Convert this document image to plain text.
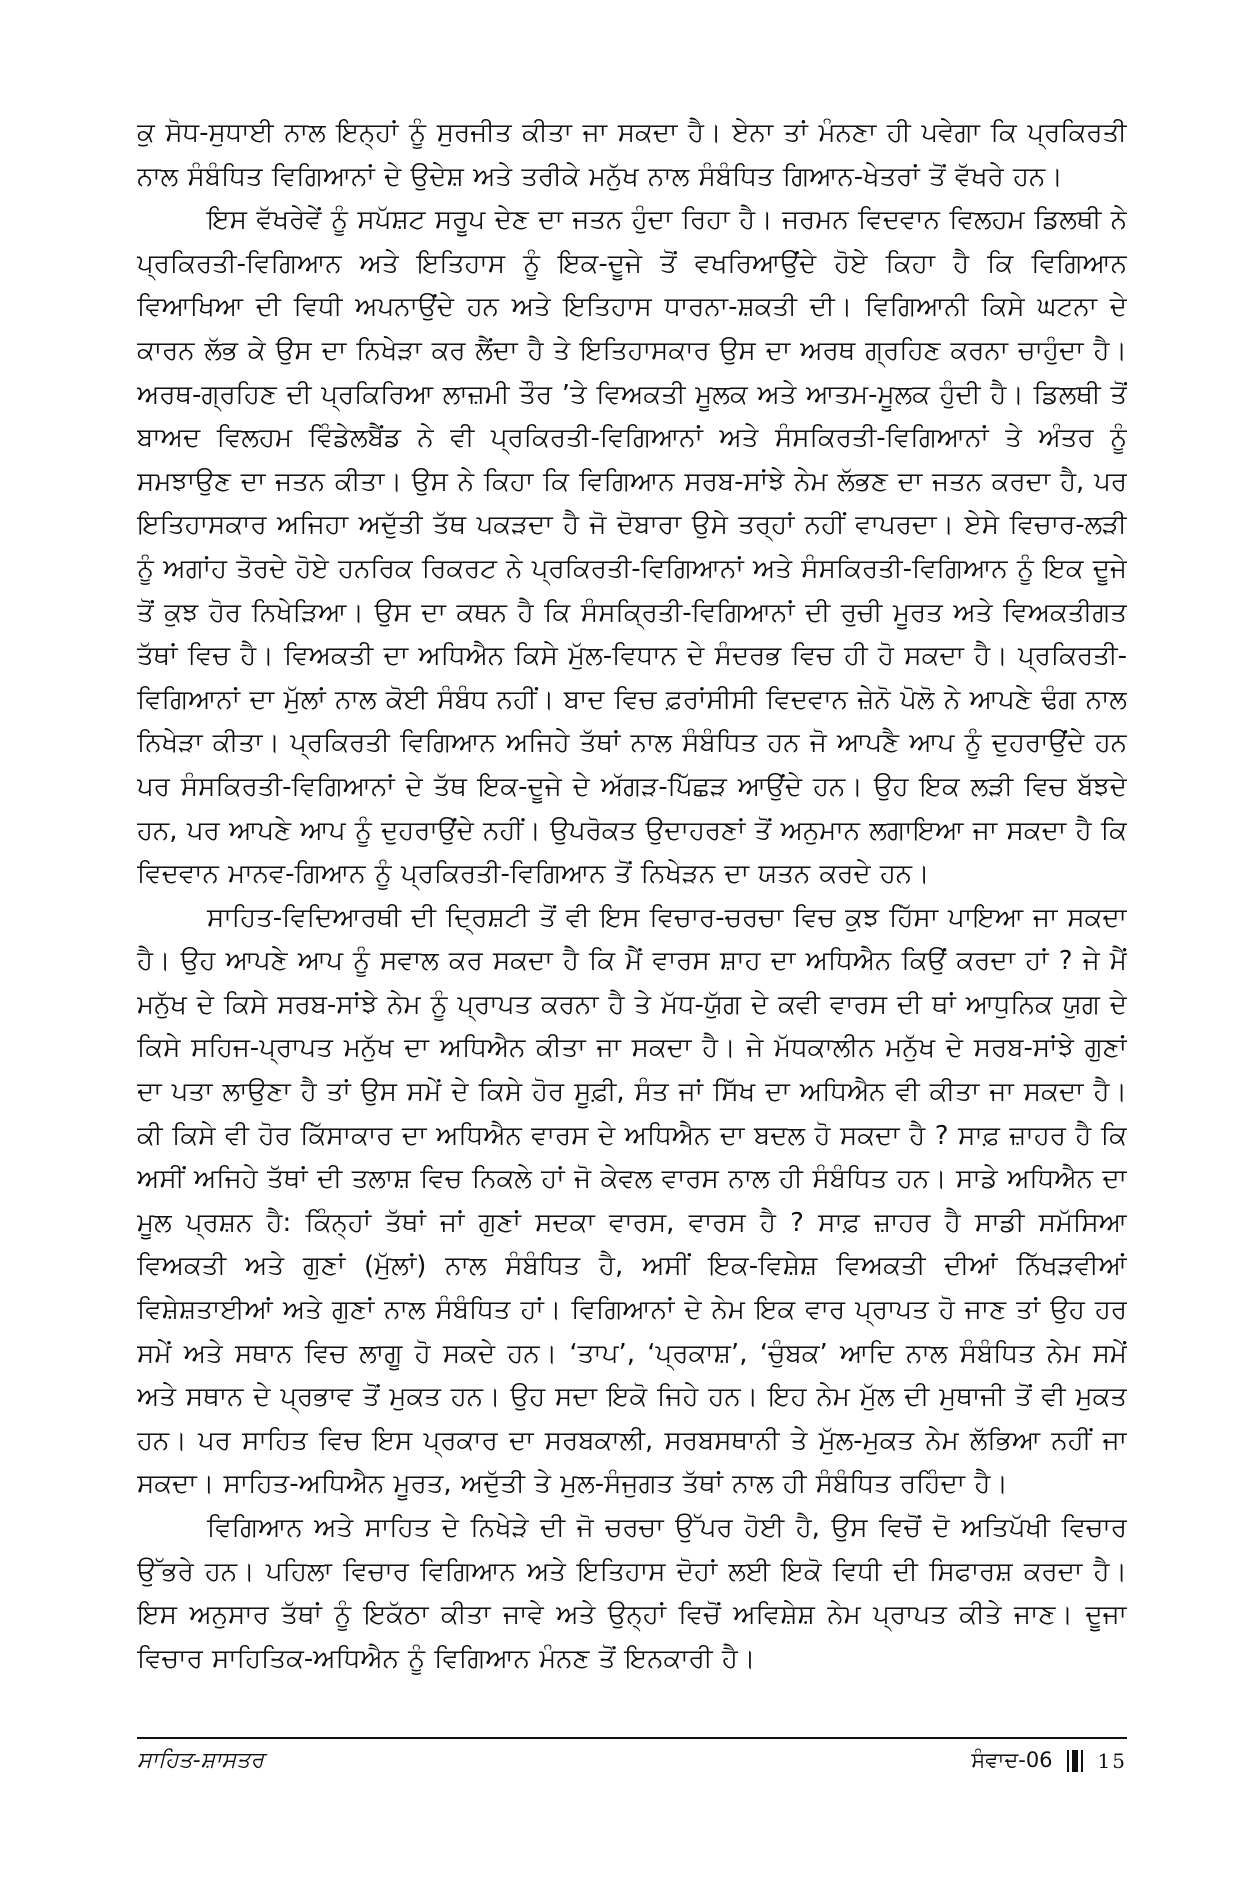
ਕੁ ਸੋਧ-ਸੁਧਾਈ ਨਾਲ ਇਨ੍ਹਾਂ ਨੂੰ ਸੁਰਜੀਤ ਕੀਤਾ ਜਾ ਸਕਦਾ ਹੈ। ਏਨਾ ਤਾਂ ਮੰਨਣਾ ਹੀ ਪਵੇਗਾ ਕਿ ਪ੍ਰਕਿਰਤੀ ਨਾਲ ਸੰਬੰਧਿਤ ਵਿਗਿਆਨਾਂ ਦੇ ਉਦੇਸ਼ ਅਤੇ ਤਰੀਕੇ ਮਨੁੱਖ ਨਾਲ ਸੰਬੰਧਿਤ ਗਿਆਨ-ਖੇਤਰਾਂ ਤੋਂ ਵੱਖਰੇ ਹਨ।

ਇਸ ਵੱਖਰੇਵੇਂ ਨੂੰ ਸਪੱਸ਼ਟ ਸਰੂਪ ਦੇਣ ਦਾ ਜਤਨ ਹੁੰਦਾ ਰਿਹਾ ਹੈ। ਜਰਮਨ ਵਿਦਵਾਨ ਵਿਲਹਮ ਡਿਲਥੀ ਨੇ ਪ੍ਰਕਿਰਤੀ-ਵਿਗਿਆਨ ਅਤੇ ਇਤਿਹਾਸ ਨੂੰ ਇਕ-ਦੂਜੇ ਤੋਂ ਵਖਰਿਆਉਂਦੇ ਹੋਏ ਕਿਹਾ ਹੈ ਕਿ ਵਿਗਿਆਨ ਵਿਆਖਿਆ ਦੀ ਵਿਧੀ ਅਪਨਾਉਂਦੇ ਹਨ ਅਤੇ ਇਤਿਹਾਸ ਧਾਰਨਾ-ਸ਼ਕਤੀ ਦੀ। ਵਿਗਿਆਨੀ ਕਿਸੇ ਘਟਨਾ ਦੇ ਕਾਰਨ ਲੱਭ ਕੇ ਉਸ ਦਾ ਨਿਖੇੜਾ ਕਰ ਲੈਂਦਾ ਹੈ ਤੇ ਇਤਿਹਾਸਕਾਰ ਉਸ ਦਾ ਅਰਥ ਗ੍ਰਹਿਣ ਕਰਨਾ ਚਾਹੁੰਦਾ ਹੈ। ਅਰਥ-ਗ੍ਰਹਿਣ ਦੀ ਪ੍ਰਕਿਰਿਆ ਲਾਜ਼ਮੀ ਤੌਰ ’ਤੇ ਵਿਅਕਤੀ ਮੂਲਕ ਅਤੇ ਆਤਮ-ਮੂਲਕ ਹੁੰਦੀ ਹੈ। ਡਿਲਥੀ ਤੋਂ ਬਾਅਦ ਵਿਲਹਮ ਵਿੰਡੇਲਬੈਂਡ ਨੇ ਵੀ ਪ੍ਰਕਿਰਤੀ-ਵਿਗਿਆਨਾਂ ਅਤੇ ਸੰਸਕਿਰਤੀ-ਵਿਗਿਆਨਾਂ ਤੇ ਅੰਤਰ ਨੂੰ ਸਮਝਾਉਣ ਦਾ ਜਤਨ ਕੀਤਾ। ਉਸ ਨੇ ਕਿਹਾ ਕਿ ਵਿਗਿਆਨ ਸਰਬ-ਸਾਂਝੇ ਨੇਮ ਲੱਭਣ ਦਾ ਜਤਨ ਕਰਦਾ ਹੈ, ਪਰ ਇਤਿਹਾਸਕਾਰ ਅਜਿਹਾ ਅਦੁੱਤੀ ਤੱਥ ਪਕੜਦਾ ਹੈ ਜੋ ਦੋਬਾਰਾ ਉਸੇ ਤਰ੍ਹਾਂ ਨਹੀਂ ਵਾਪਰਦਾ। ਏਸੇ ਵਿਚਾਰ-ਲੜੀ ਨੂੰ ਅਗਾਂਹ ਤੋਰਦੇ ਹੋਏ ਹਨਰਿਕ ਰਿਕਰਟ ਨੇ ਪ੍ਰਕਿਰਤੀ-ਵਿਗਿਆਨਾਂ ਅਤੇ ਸੰਸਕਿਰਤੀ-ਵਿਗਿਆਨ ਨੂੰ ਇਕ ਦੂਜੇ ਤੋਂ ਕੁਝ ਹੋਰ ਨਿਖੇੜਿਆ। ਉਸ ਦਾ ਕਥਨ ਹੈ ਕਿ ਸੰਸਕ੍ਰਿਤੀ-ਵਿਗਿਆਨਾਂ ਦੀ ਰੁਚੀ ਮੂਰਤ ਅਤੇ ਵਿਅਕਤੀਗਤ ਤੱਥਾਂ ਵਿਚ ਹੈ। ਵਿਅਕਤੀ ਦਾ ਅਧਿਐਨ ਕਿਸੇ ਮੁੱਲ-ਵਿਧਾਨ ਦੇ ਸੰਦਰਭ ਵਿਚ ਹੀ ਹੋ ਸਕਦਾ ਹੈ। ਪ੍ਰਕਿਰਤੀ-ਵਿਗਿਆਨਾਂ ਦਾ ਮੁੱਲਾਂ ਨਾਲ ਕੋਈ ਸੰਬੰਧ ਨਹੀਂ। ਬਾਦ ਵਿਚ ਫ਼ਰਾਂਸੀਸੀ ਵਿਦਵਾਨ ਜ਼ੇਨੋ ਪੋਲੋ ਨੇ ਆਪਣੇ ਢੰਗ ਨਾਲ ਨਿਖੇੜਾ ਕੀਤਾ। ਪ੍ਰਕਿਰਤੀ ਵਿਗਿਆਨ ਅਜਿਹੇ ਤੱਥਾਂ ਨਾਲ ਸੰਬੰਧਿਤ ਹਨ ਜੋ ਆਪਣੈ ਆਪ ਨੂੰ ਦੁਹਰਾਉਂਦੇ ਹਨ ਪਰ ਸੰਸਕਿਰਤੀ-ਵਿਗਿਆਨਾਂ ਦੇ ਤੱਥ ਇਕ-ਦੂਜੇ ਦੇ ਅੱਗੜ-ਪਿੱਛੜ ਆਉਂਦੇ ਹਨ। ਉਹ ਇਕ ਲੜੀ ਵਿਚ ਬੱਝਦੇ ਹਨ, ਪਰ ਆਪਣੇ ਆਪ ਨੂੰ ਦੁਹਰਾਉਂਦੇ ਨਹੀਂ। ਉਪਰੋਕਤ ਉਦਾਹਰਣਾਂ ਤੋਂ ਅਨੁਮਾਨ ਲਗਾਇਆ ਜਾ ਸਕਦਾ ਹੈ ਕਿ ਵਿਦਵਾਨ ਮਾਨਵ-ਗਿਆਨ ਨੂੰ ਪ੍ਰਕਿਰਤੀ-ਵਿਗਿਆਨ ਤੋਂ ਨਿਖੇੜਨ ਦਾ ਯਤਨ ਕਰਦੇ ਹਨ।

ਸਾਹਿਤ-ਵਿਦਿਆਰਥੀ ਦੀ ਦ੍ਰਿਸ਼ਟੀ ਤੋਂ ਵੀ ਇਸ ਵਿਚਾਰ-ਚਰਚਾ ਵਿਚ ਕੁਝ ਹਿੱਸਾ ਪਾਇਆ ਜਾ ਸਕਦਾ ਹੈ। ਉਹ ਆਪਣੇ ਆਪ ਨੂੰ ਸਵਾਲ ਕਰ ਸਕਦਾ ਹੈ ਕਿ ਮੈਂ ਵਾਰਸ ਸ਼ਾਹ ਦਾ ਅਧਿਐਨ ਕਿਉਂ ਕਰਦਾ ਹਾਂ ? ਜੇ ਮੈਂ ਮਨੁੱਖ ਦੇ ਕਿਸੇ ਸਰਬ-ਸਾਂਝੇ ਨੇਮ ਨੂੰ ਪ੍ਰਾਪਤ ਕਰਨਾ ਹੈ ਤੇ ਮੱਧ-ਯੁੱਗ ਦੇ ਕਵੀ ਵਾਰਸ ਦੀ ਥਾਂ ਆਧੁਨਿਕ ਯੁਗ ਦੇ ਕਿਸੇ ਸਹਿਜ-ਪ੍ਰਾਪਤ ਮਨੁੱਖ ਦਾ ਅਧਿਐਨ ਕੀਤਾ ਜਾ ਸਕਦਾ ਹੈ। ਜੇ ਮੱਧਕਾਲੀਨ ਮਨੁੱਖ ਦੇ ਸਰਬ-ਸਾਂਝੇ ਗੁਣਾਂ ਦਾ ਪਤਾ ਲਾਉਣਾ ਹੈ ਤਾਂ ਉਸ ਸਮੇਂ ਦੇ ਕਿਸੇ ਹੋਰ ਸੂਫ਼ੀ, ਸੰਤ ਜਾਂ ਸਿੱਖ ਦਾ ਅਧਿਐਨ ਵੀ ਕੀਤਾ ਜਾ ਸਕਦਾ ਹੈ। ਕੀ ਕਿਸੇ ਵੀ ਹੋਰ ਕਿੱਸਾਕਾਰ ਦਾ ਅਧਿਐਨ ਵਾਰਸ ਦੇ ਅਧਿਐਨ ਦਾ ਬਦਲ ਹੋ ਸਕਦਾ ਹੈ ? ਸਾਫ਼ ਜ਼ਾਹਰ ਹੈ ਕਿ ਅਸੀਂ ਅਜਿਹੇ ਤੱਥਾਂ ਦੀ ਤਲਾਸ਼ ਵਿਚ ਨਿਕਲੇ ਹਾਂ ਜੋ ਕੇਵਲ ਵਾਰਸ ਨਾਲ ਹੀ ਸੰਬੰਧਿਤ ਹਨ। ਸਾਡੇ ਅਧਿਐਨ ਦਾ ਮੂਲ ਪ੍ਰਸ਼ਨ ਹੈ: ਕਿੰਨ੍ਹਾਂ ਤੱਥਾਂ ਜਾਂ ਗੁਣਾਂ ਸਦਕਾ ਵਾਰਸ, ਵਾਰਸ ਹੈ ? ਸਾਫ਼ ਜ਼ਾਹਰ ਹੈ ਸਾਡੀ ਸਮੱਸਿਆ ਵਿਅਕਤੀ ਅਤੇ ਗੁਣਾਂ (ਮੁੱਲਾਂ) ਨਾਲ ਸੰਬੰਧਿਤ ਹੈ, ਅਸੀਂ ਇਕ-ਵਿਸ਼ੇਸ਼ ਵਿਅਕਤੀ ਦੀਆਂ ਨਿੱਖੜਵੀਆਂ ਵਿਸ਼ੇਸ਼ਤਾਈਆਂ ਅਤੇ ਗੁਣਾਂ ਨਾਲ ਸੰਬੰਧਿਤ ਹਾਂ। ਵਿਗਿਆਨਾਂ ਦੇ ਨੇਮ ਇਕ ਵਾਰ ਪ੍ਰਾਪਤ ਹੋ ਜਾਣ ਤਾਂ ਉਹ ਹਰ ਸਮੇਂ ਅਤੇ ਸਥਾਨ ਵਿਚ ਲਾਗੂ ਹੋ ਸਕਦੇ ਹਨ। ‘ਤਾਪ’, ‘ਪ੍ਰਕਾਸ਼’, ‘ਚੁੰਬਕ’ ਆਦਿ ਨਾਲ ਸੰਬੰਧਿਤ ਨੇਮ ਸਮੇਂ ਅਤੇ ਸਥਾਨ ਦੇ ਪ੍ਰਭਾਵ ਤੋਂ ਮੁਕਤ ਹਨ। ਉਹ ਸਦਾ ਇਕੋ ਜਿਹੇ ਹਨ। ਇਹ ਨੇਮ ਮੁੱਲ ਦੀ ਮੁਥਾਜੀ ਤੋਂ ਵੀ ਮੁਕਤ ਹਨ। ਪਰ ਸਾਹਿਤ ਵਿਚ ਇਸ ਪ੍ਰਕਾਰ ਦਾ ਸਰਬਕਾਲੀ, ਸਰਬਸਥਾਨੀ ਤੇ ਮੁੱਲ-ਮੁਕਤ ਨੇਮ ਲੱਭਿਆ ਨਹੀਂ ਜਾ ਸਕਦਾ। ਸਾਹਿਤ-ਅਧਿਐਨ ਮੂਰਤ, ਅਦੁੱਤੀ ਤੇ ਮੁਲ-ਸੰਜੁਗਤ ਤੱਥਾਂ ਨਾਲ ਹੀ ਸੰਬੰਧਿਤ ਰਹਿੰਦਾ ਹੈ।

ਵਿਗਿਆਨ ਅਤੇ ਸਾਹਿਤ ਦੇ ਨਿਖੇੜੇ ਦੀ ਜੋ ਚਰਚਾ ਉੱਪਰ ਹੋਈ ਹੈ, ਉਸ ਵਿਚੋਂ ਦੋ ਅਤਿਪੱਖੀ ਵਿਚਾਰ ਉੱਭਰੇ ਹਨ। ਪਹਿਲਾ ਵਿਚਾਰ ਵਿਗਿਆਨ ਅਤੇ ਇਤਿਹਾਸ ਦੋਹਾਂ ਲਈ ਇਕੋ ਵਿਧੀ ਦੀ ਸਿਫਾਰਸ਼ ਕਰਦਾ ਹੈ। ਇਸ ਅਨੁਸਾਰ ਤੱਥਾਂ ਨੂੰ ਇਕੱਠਾ ਕੀਤਾ ਜਾਵੇ ਅਤੇ ਉਨ੍ਹਾਂ ਵਿਚੋਂ ਅਵਿਸ਼ੇਸ਼ ਨੇਮ ਪ੍ਰਾਪਤ ਕੀਤੇ ਜਾਣ। ਦੂਜਾ ਵਿਚਾਰ ਸਾਹਿਤਿਕ-ਅਧਿਐਨ ਨੂੰ ਵਿਗਿਆਨ ਮੰਨਣ ਤੋਂ ਇਨਕਾਰੀ ਹੈ।

ਸਾਹਿਤ-ਸ਼ਾਸਤਰ	ਸੰਵਾਦ-06 15
